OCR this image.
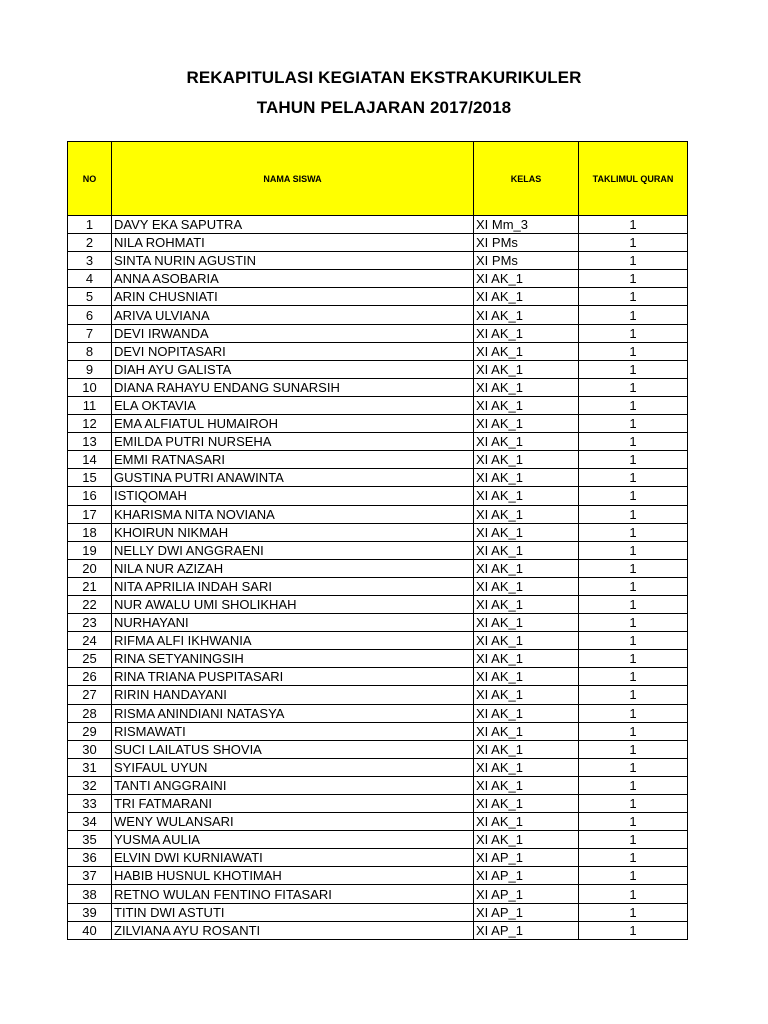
REKAPITULASI KEGIATAN EKSTRAKURIKULER
TAHUN PELAJARAN 2017/2018
NO	NAMA SISWA	KELAS	TAKLIMUL QURAN
1	DAVY EKA SAPUTRA	XI Mm_3	1
2	NILA ROHMATI	XI PMs	1
3	SINTA NURIN AGUSTIN	XI PMs	1
4	ANNA ASOBARIA	XI AK_1	1
5	ARIN CHUSNIATI	XI AK_1	1
6	ARIVA ULVIANA	XI AK_1	1
7	DEVI IRWANDA	XI AK_1	1
8	DEVI NOPITASARI	XI AK_1	1
9	DIAH AYU GALISTA	XI AK_1	1
10	DIANA RAHAYU ENDANG SUNARSIH	XI AK_1	1
11	ELA OKTAVIA	XI AK_1	1
12	EMA ALFIATUL HUMAIROH	XI AK_1	1
13	EMILDA PUTRI NURSEHA	XI AK_1	1
14	EMMI RATNASARI	XI AK_1	1
15	GUSTINA PUTRI ANAWINTA	XI AK_1	1
16	ISTIQOMAH	XI AK_1	1
17	KHARISMA NITA NOVIANA	XI AK_1	1
18	KHOIRUN NIKMAH	XI AK_1	1
19	NELLY DWI ANGGRAENI	XI AK_1	1
20	NILA NUR AZIZAH	XI AK_1	1
21	NITA APRILIA INDAH SARI	XI AK_1	1
22	NUR AWALU UMI SHOLIKHAH	XI AK_1	1
23	NURHAYANI	XI AK_1	1
24	RIFMA ALFI IKHWANIA	XI AK_1	1
25	RINA SETYANINGSIH	XI AK_1	1
26	RINA TRIANA PUSPITASARI	XI AK_1	1
27	RIRIN HANDAYANI	XI AK_1	1
28	RISMA ANINDIANI NATASYA	XI AK_1	1
29	RISMAWATI	XI AK_1	1
30	SUCI LAILATUS SHOVIA	XI AK_1	1
31	SYIFAUL UYUN	XI AK_1	1
32	TANTI ANGGRAINI	XI AK_1	1
33	TRI FATMARANI	XI AK_1	1
34	WENY WULANSARI	XI AK_1	1
35	YUSMA AULIA	XI AK_1	1
36	ELVIN DWI KURNIAWATI	XI AP_1	1
37	HABIB HUSNUL KHOTIMAH	XI AP_1	1
38	RETNO WULAN FENTINO FITASARI	XI AP_1	1
39	TITIN DWI ASTUTI	XI AP_1	1
40	ZILVIANA AYU ROSANTI	XI AP_1	1
